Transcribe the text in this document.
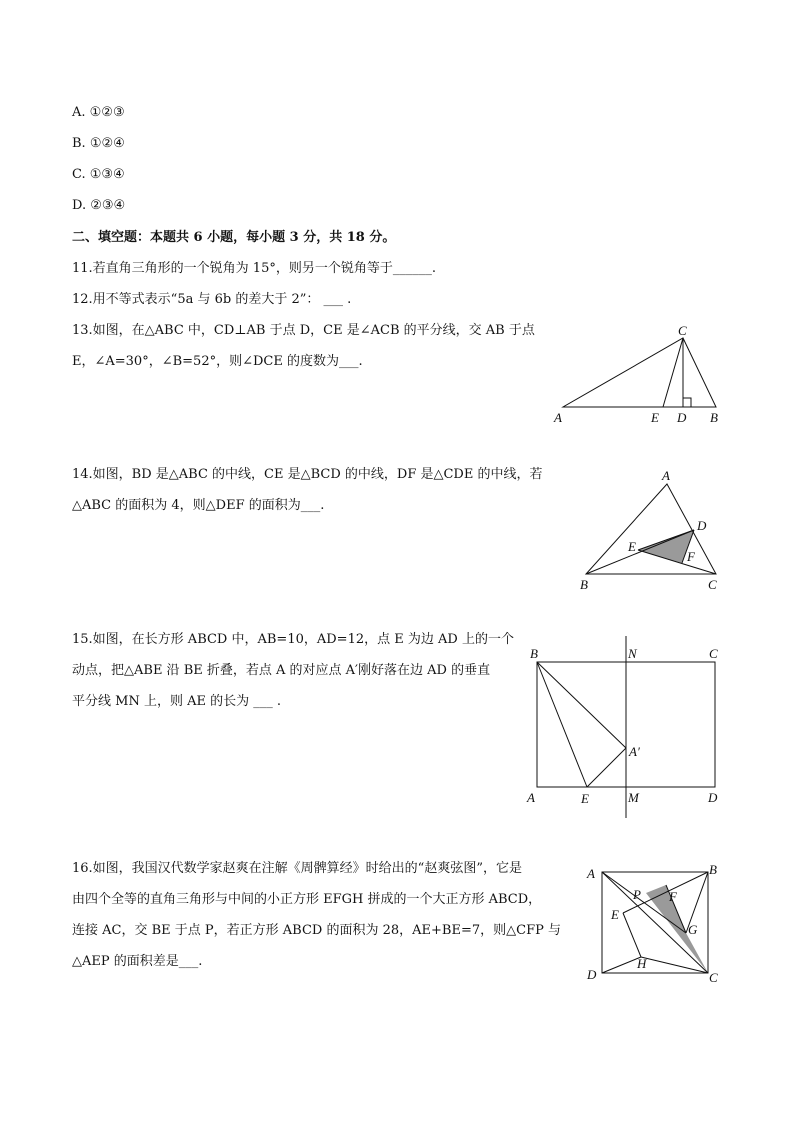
A. ①②③
B. ①②④
C. ①③④
D. ②③④
二、填空题：本题共 6 小题，每小题 3 分，共 18 分。
11.若直角三角形的一个锐角为 15°，则另一个锐角等于______.
12.用不等式表示“5a 与 6b 的差大于 2”： ___ .
13.如图，在△ABC 中，CD⊥AB 于点 D，CE 是∠ACB 的平分线，交 AB 于点
E，∠A=30°，∠B=52°，则∠DCE 的度数为___.
A	B
C
D
E
14.如图，BD 是△ABC 的中线，CE 是△BCD 的中线，DF 是△CDE 的中线，若
△ABC 的面积为 4，则△DEF 的面积为___.
A
B	C
D
E
F
15.如图，在长方形 ABCD 中，AB=10，AD=12，点 E 为边 AD 上的一个
动点，把△ABE 沿 BE 折叠，若点 A 的对应点 A′刚好落在边 AD 的垂直
平分线 MN 上，则 AE 的长为 ___ .
B	C
N
A	E	M	D
A′
16.如图，我国汉代数学家赵爽在注解《周髀算经》时给出的“赵爽弦图”，它是
由四个全等的直角三角形与中间的小正方形 EFGH 拼成的一个大正方形 ABCD，
连接 AC，交 BE 于点 P，若正方形 ABCD 的面积为 28，AE+BE=7，则△CFP 与
△AEP 的面积差是___.
A	B
C
D
E
F
G
H
P
